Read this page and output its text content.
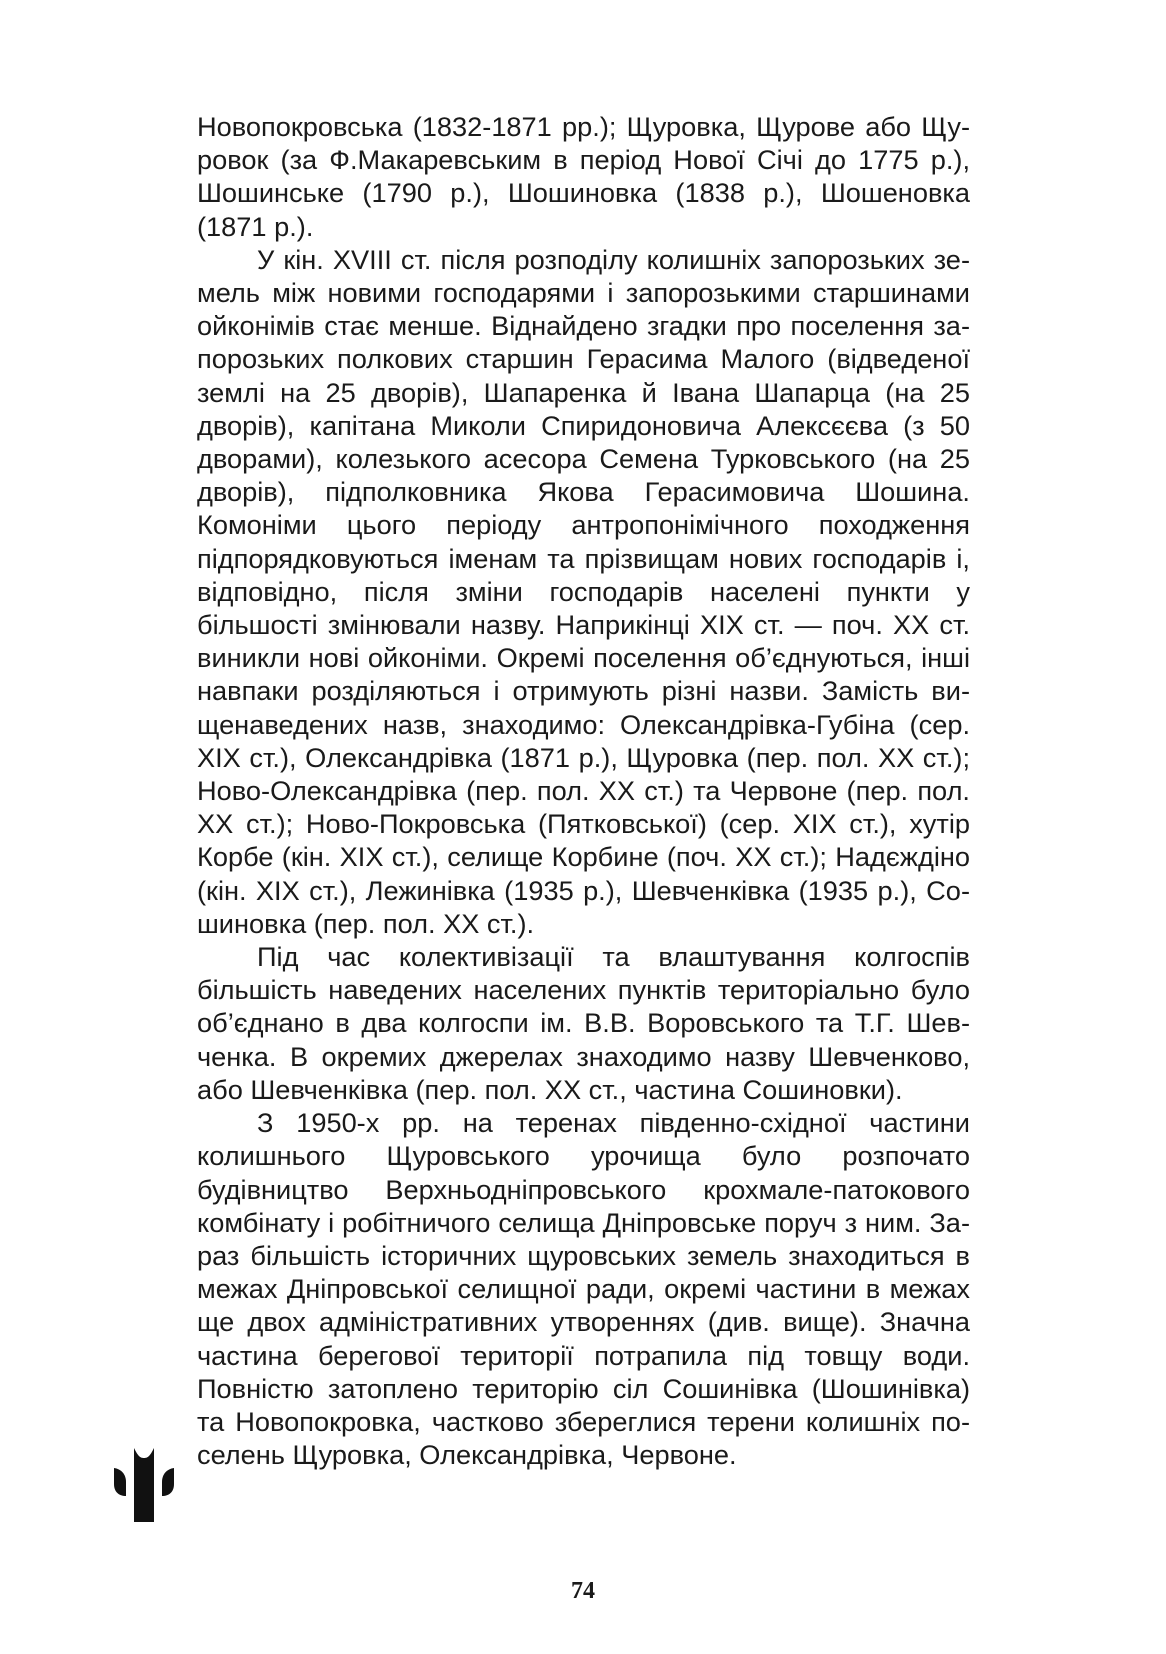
Новопокровська (1832-1871 рр.); Щуровка, Щурове або Щуровок (за Ф.Макаревським в період Нової Січі до 1775 р.), Шошинське (1790 р.), Шошиновка (1838 р.), Шошеновка (1871 р.).

У кін. XVIII ст. після розподілу колишніх запорозьких земель між новими господарями і запорозькими старшинами ойконімів стає менше. Віднайдено згадки про поселення запорозьких полкових старшин Герасима Малого (відведеної землі на 25 дворів), Шапаренка й Івана Шапарца (на 25 дворів), капітана Миколи Спиридоновича Алексєєва (з 50 дворами), колезького асесора Семена Турковського (на 25 дворів), підполковника Якова Герасимовича Шошина. Комоніми цього періоду антропонімічного походження підпорядковуються іменам та прізвищам нових господарів і, відповідно, після зміни господарів населені пункти у більшості змінювали назву. Наприкінці XIX ст. — поч. XX ст. виникли нові ойконіми. Окремі поселення об’єднуються, інші навпаки розділяються і отримують різні назви. Замість вищенаведених назв, знаходимо: Олександрівка-Губіна (сер. XIX ст.), Олександрівка (1871 р.), Щуровка (пер. пол. XX ст.); Ново-Олександрівка (пер. пол. XX ст.) та Червоне (пер. пол. XX ст.); Ново-Покровська (Пятковської) (сер. XIX ст.), хутір Корбе (кін. XIX ст.), селище Корбине (поч. XX ст.); Надєждіно (кін. XIX ст.), Лежинівка (1935 р.), Шевченківка (1935 р.), Сошиновка (пер. пол. XX ст.).

Під час колективізації та влаштування колгоспів більшість наведених населених пунктів територіально було об’єднано в два колгоспи ім. В.В. Воровського та Т.Г. Шевченка. В окремих джерелах знаходимо назву Шевченково, або Шевченківка (пер. пол. XX ст., частина Сошиновки).

З 1950-х рр. на теренах південно-східної частини колишнього Щуровського урочища було розпочато будівництво Верхньодніпровського крохмале-патокового комбінату і робітничого селища Дніпровське поруч з ним. Зараз більшість історичних щуровських земель знаходиться в межах Дніпровської селищної ради, окремі частини в межах ще двох адміністративних утвореннях (див. вище). Значна частина берегової території потрапила під товщу води. Повністю затоплено територію сіл Сошинівка (Шошинівка) та Новопокровка, частково збереглися терени колишніх поселень Щуровка, Олександрівка, Червоне.

74
